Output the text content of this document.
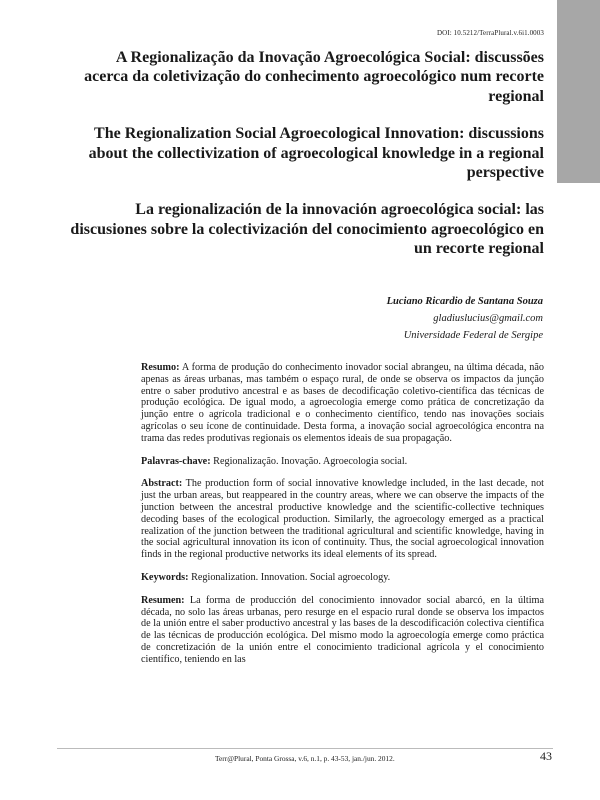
DOI: 10.5212/TerraPlural.v.6i1.0003

A Regionalização da Inovação Agroecológica Social: discussões acerca da coletivização do conhecimento agroecológico num recorte regional

The Regionalization Social Agroecological Innovation: discussions about the collectivization of agroecological knowledge in a regional perspective

La regionalización de la innovación agroecológica social: las discusiones sobre la colectivización del conocimiento agroecológico en un recorte regional

Luciano Ricardio de Santana Souza
gladiuslucius@gmail.com
Universidade Federal de Sergipe

Resumo: A forma de produção do conhecimento inovador social abrangeu, na última década, não apenas as áreas urbanas, mas também o espaço rural, de onde se observa os impactos da junção entre o saber produtivo ancestral e as bases de decodificação coletivo-científica das técnicas de produção ecológica. De igual modo, a agroecologia emerge como prática de concretização da junção entre o agrícola tradicional e o conhecimento científico, tendo nas inovações sociais agrícolas o seu ícone de continuidade. Desta forma, a inovação social agroecológica encontra na trama das redes produtivas regionais os elementos ideais de sua propagação.

Palavras-chave: Regionalização. Inovação. Agroecologia social.

Abstract: The production form of social innovative knowledge included, in the last decade, not just the urban areas, but reappeared in the country areas, where we can observe the impacts of the junction between the ancestral productive knowledge and the scientific-collective techniques decoding bases of the ecological production. Similarly, the agroecology emerged as a practical realization of the junction between the traditional agricultural and scientific knowledge, having in the social agricultural innovation its icon of continuity. Thus, the social agroecological innovation finds in the regional productive networks its ideal elements of its spread.

Keywords: Regionalization. Innovation. Social agroecology.

Resumen: La forma de producción del conocimiento innovador social abarcó, en la última década, no solo las áreas urbanas, pero resurge en el espacio rural donde se observa los impactos de la unión entre el saber productivo ancestral y las bases de la descodificación colectiva científica de las técnicas de producción ecológica. Del mismo modo la agroecología emerge como práctica de concretización de la unión entre el conocimiento tradicional agrícola y el conocimiento científico, teniendo en las

Terr@Plural, Ponta Grossa, v.6, n.1, p. 43-53, jan./jun. 2012.	43
